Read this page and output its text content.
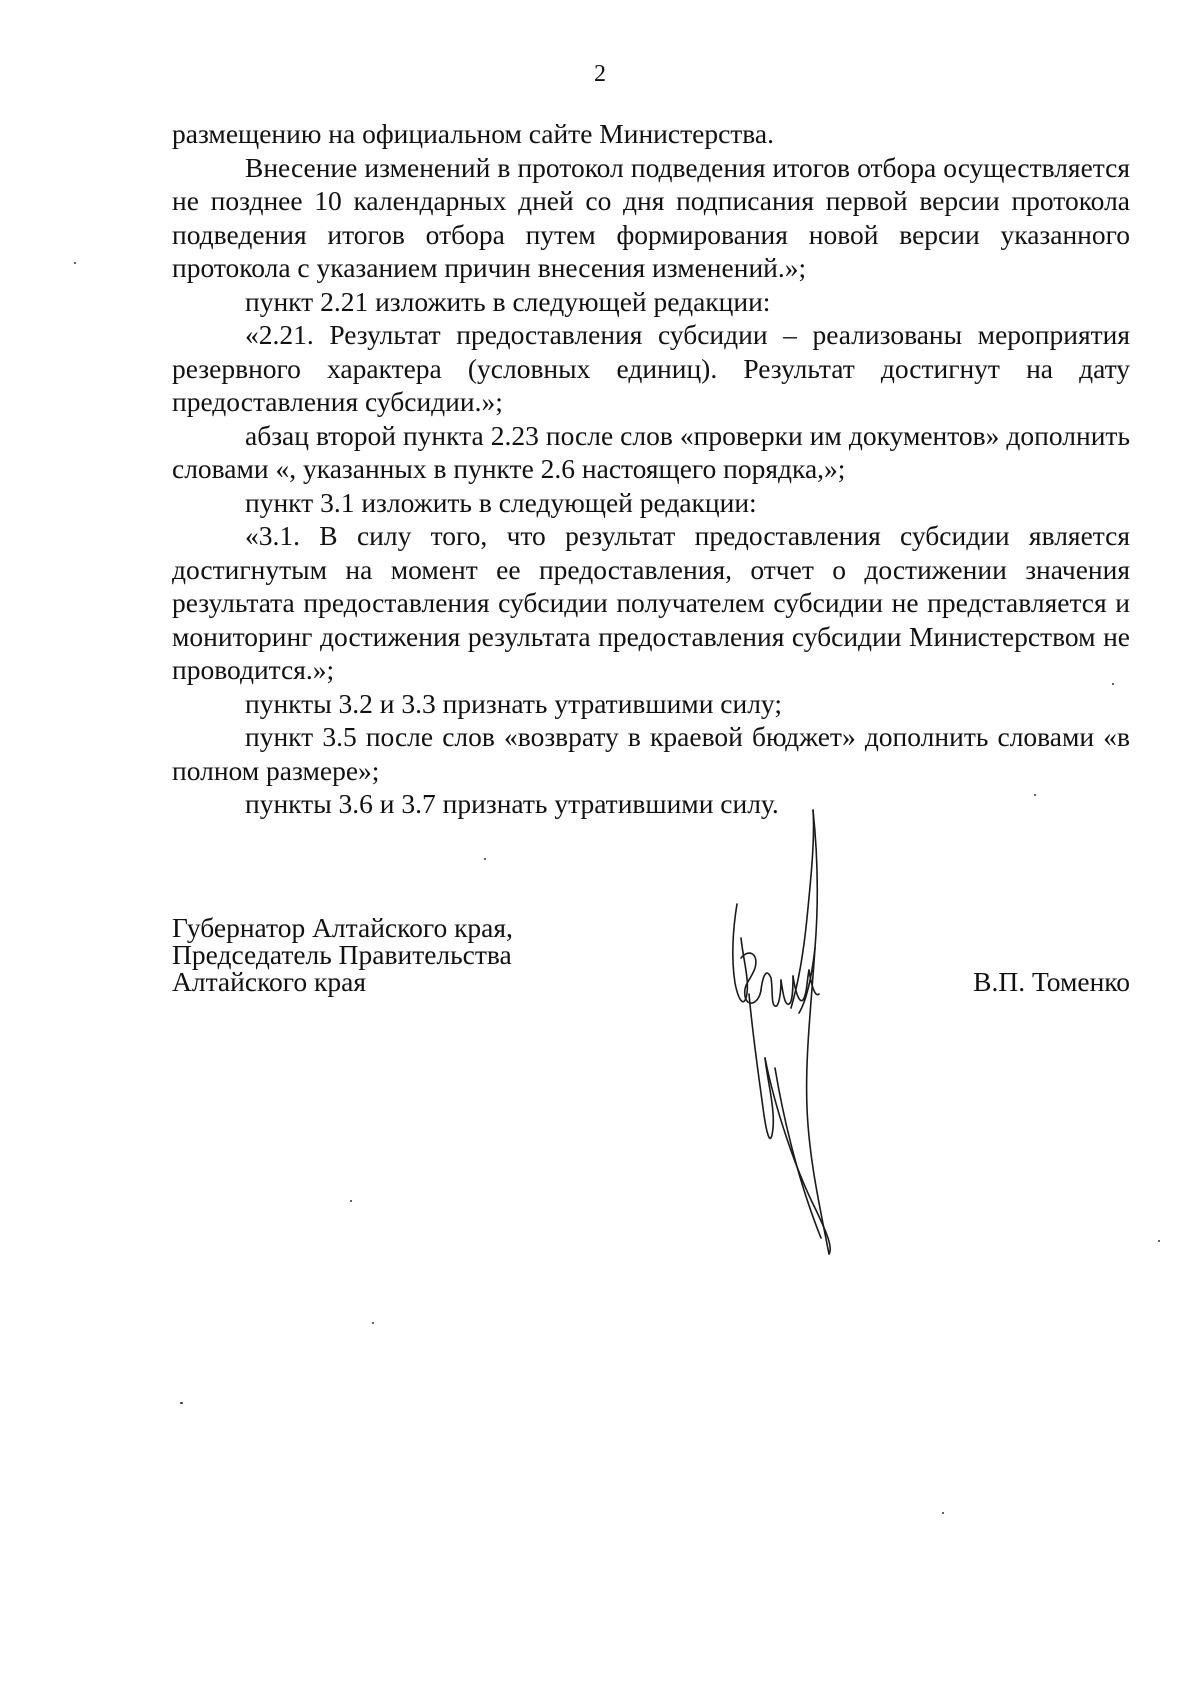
2

размещению на официальном сайте Министерства.

Внесение изменений в протокол подведения итогов отбора осуществляется не позднее 10 календарных дней со дня подписания первой версии протокола подведения итогов отбора путем формирования новой версии указанного протокола с указанием причин внесения изменений.»;

пункт 2.21 изложить в следующей редакции:

«2.21. Результат предоставления субсидии – реализованы мероприятия резервного характера (условных единиц). Результат достигнут на дату предоставления субсидии.»;

абзац второй пункта 2.23 после слов «проверки им документов» дополнить словами «, указанных в пункте 2.6 настоящего порядка,»;

пункт 3.1 изложить в следующей редакции:

«3.1. В силу того, что результат предоставления субсидии является достигнутым на момент ее предоставления, отчет о достижении значения результата предоставления субсидии получателем субсидии не представляется и мониторинг достижения результата предоставления субсидии Министерством не проводится.»;

пункты 3.2 и 3.3 признать утратившими силу;

пункт 3.5 после слов «возврату в краевой бюджет» дополнить словами «в полном размере»;

пункты 3.6 и 3.7 признать утратившими силу.

Губернатор Алтайского края,
Председатель Правительства
Алтайского края	В.П. Томенко
